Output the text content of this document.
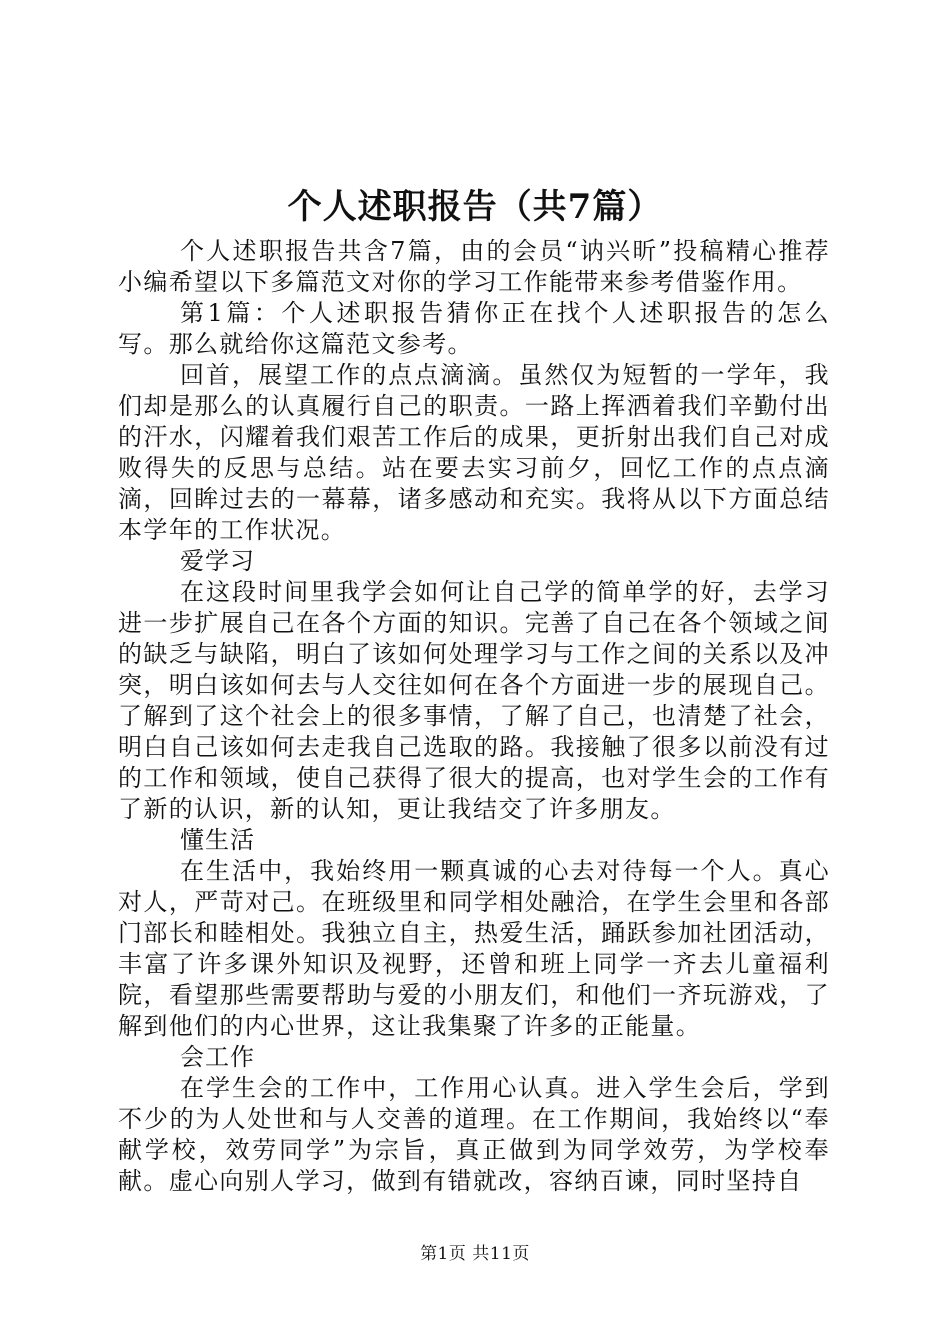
个人述职报告（共7篇）

个人述职报告共含7篇，由的会员“讷兴昕”投稿精心推荐小编希望以下多篇范文对你的学习工作能带来参考借鉴作用。

第1篇：个人述职报告猜你正在找个人述职报告的怎么写。那么就给你这篇范文参考。

回首，展望工作的点点滴滴。虽然仅为短暂的一学年，我们却是那么的认真履行自己的职责。一路上挥洒着我们辛勤付出的汗水，闪耀着我们艰苦工作后的成果，更折射出我们自己对成败得失的反思与总结。站在要去实习前夕，回忆工作的点点滴滴，回眸过去的一幕幕，诸多感动和充实。我将从以下方面总结本学年的工作状况。

爱学习

在这段时间里我学会如何让自己学的简单学的好，去学习进一步扩展自己在各个方面的知识。完善了自己在各个领域之间的缺乏与缺陷，明白了该如何处理学习与工作之间的关系以及冲突，明白该如何去与人交往如何在各个方面进一步的展现自己。了解到了这个社会上的很多事情，了解了自己，也清楚了社会，明白自己该如何去走我自己选取的路。我接触了很多以前没有过的工作和领域，使自己获得了很大的提高，也对学生会的工作有了新的认识，新的认知，更让我结交了许多朋友。

懂生活

在生活中，我始终用一颗真诚的心去对待每一个人。真心对人，严苛对己。在班级里和同学相处融洽，在学生会里和各部门部长和睦相处。我独立自主，热爱生活，踊跃参加社团活动，丰富了许多课外知识及视野，还曾和班上同学一齐去儿童福利院，看望那些需要帮助与爱的小朋友们，和他们一齐玩游戏，了解到他们的内心世界，这让我集聚了许多的正能量。

会工作

在学生会的工作中，工作用心认真。进入学生会后，学到不少的为人处世和与人交善的道理。在工作期间，我始终以“奉献学校，效劳同学”为宗旨，真正做到为同学效劳，为学校奉献。虚心向别人学习，做到有错就改，容纳百谏，同时坚持自

第1页 共11页
